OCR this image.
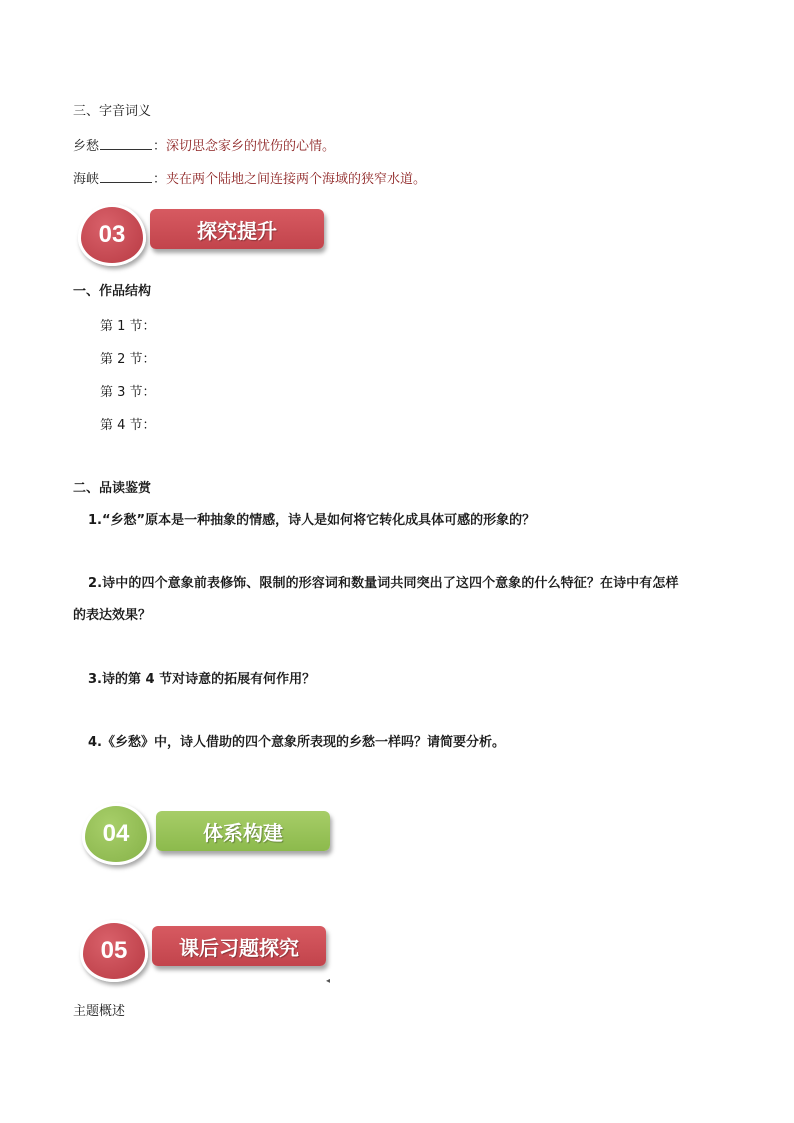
三、字音词义
乡愁	：深切思念家乡的忧伤的心情。
海峡	：夹在两个陆地之间连接两个海域的狭窄水道。
03	探究提升
一、作品结构
第 1 节：
第 2 节：
第 3 节：
第 4 节：
二、品读鉴赏
1.“乡愁”原本是一种抽象的情感，诗人是如何将它转化成具体可感的形象的？
2.诗中的四个意象前表修饰、限制的形容词和数量词共同突出了这四个意象的什么特征？在诗中有怎样
的表达效果？
3.诗的第 4 节对诗意的拓展有何作用？
4.《乡愁》中，诗人借助的四个意象所表现的乡愁一样吗？请简要分析。
04	体系构建
05	课后习题探究
◂
主题概述
